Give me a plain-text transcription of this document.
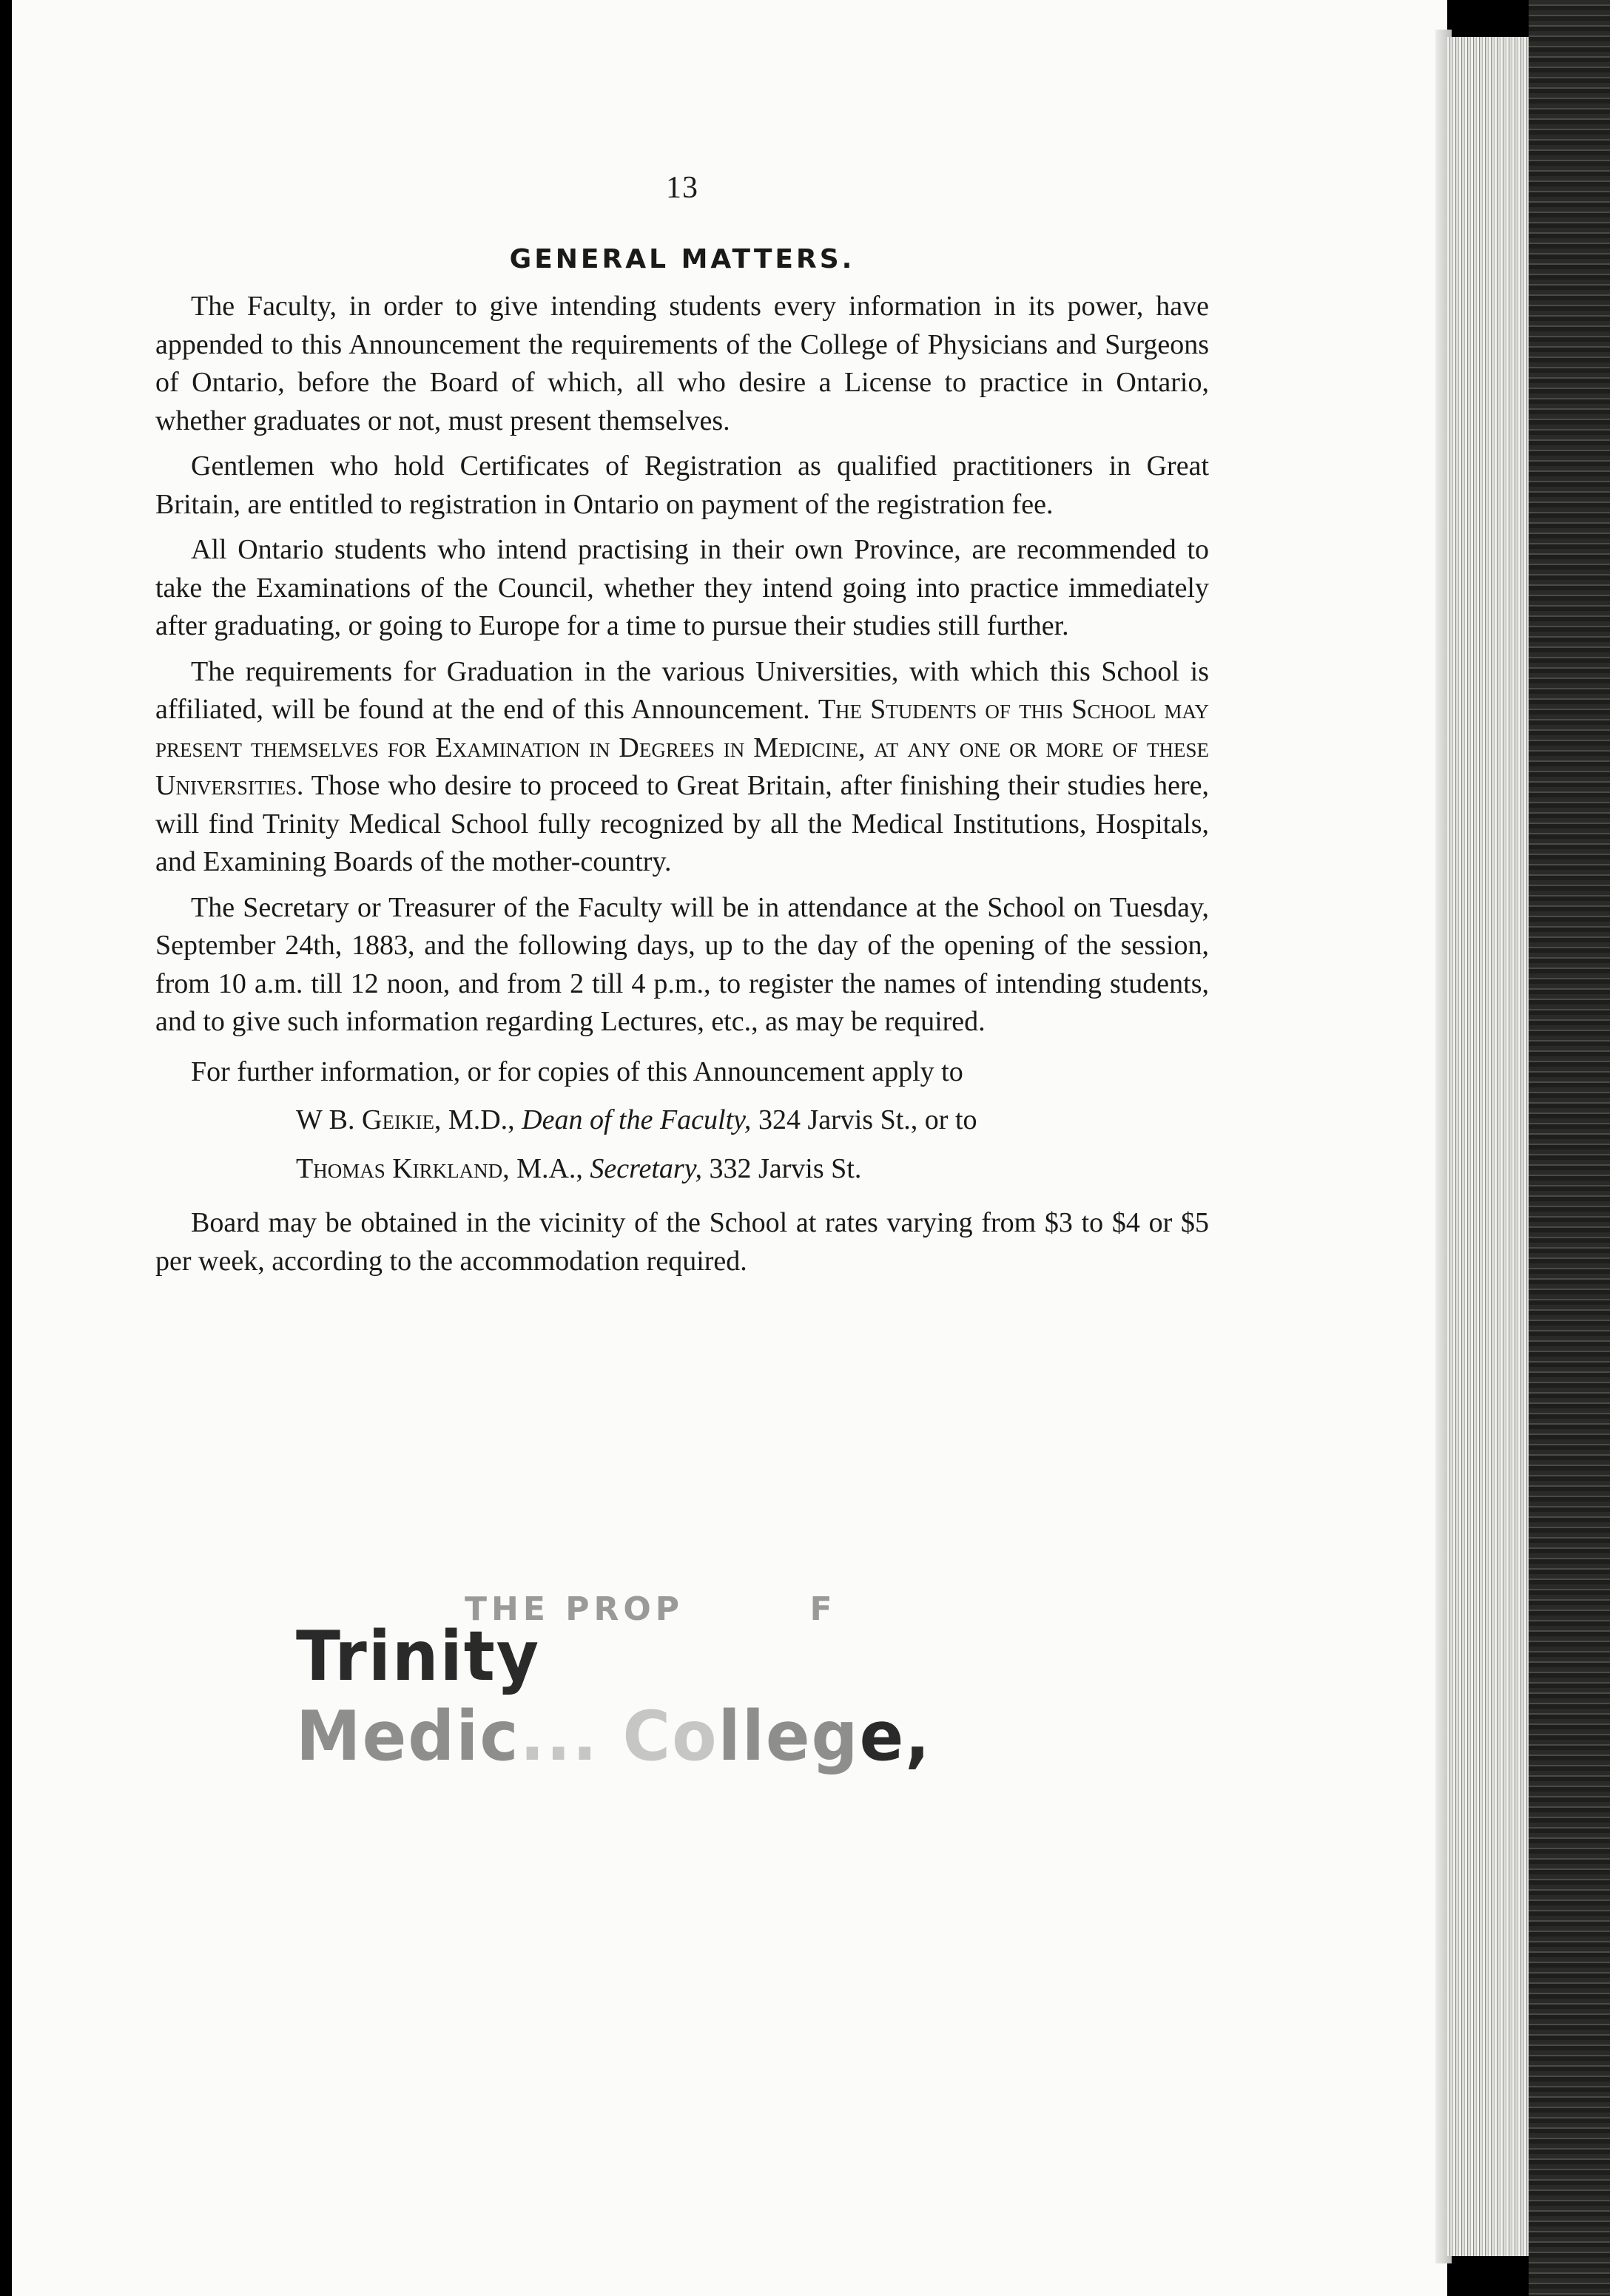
13
GENERAL MATTERS.

The Faculty, in order to give intending students every information in its power, have appended to this Announcement the requirements of the College of Physicians and Surgeons of Ontario, before the Board of which, all who desire a License to practice in Ontario, whether graduates or not, must present themselves.

Gentlemen who hold Certificates of Registration as qualified practitioners in Great Britain, are entitled to registration in Ontario on payment of the registration fee.

All Ontario students who intend practising in their own Province, are recommended to take the Examinations of the Council, whether they intend going into practice immediately after graduating, or going to Europe for a time to pursue their studies still further.

The requirements for Graduation in the various Universities, with which this School is affiliated, will be found at the end of this Announcement. The Students of this School may present themselves for Examination in Degrees in Medicine, at any one or more of these Universities. Those who desire to proceed to Great Britain, after finishing their studies here, will find Trinity Medical School fully recognized by all the Medical Institutions, Hospitals, and Examining Boards of the mother-country.

The Secretary or Treasurer of the Faculty will be in attendance at the School on Tuesday, September 24th, 1883, and the following days, up to the day of the opening of the session, from 10 a.m. till 12 noon, and from 2 till 4 p.m., to register the names of intending students, and to give such information regarding Lectures, etc., as may be required.

For further information, or for copies of this Announcement apply to
W B. Geikie, M.D., Dean of the Faculty, 324 Jarvis St., or to
Thomas Kirkland, M.A., Secretary, 332 Jarvis St.

Board may be obtained in the vicinity of the School at rates varying from $3 to $4 or $5 per week, according to the accommodation required.

THE PROP        F
Trinity Medic... College,
